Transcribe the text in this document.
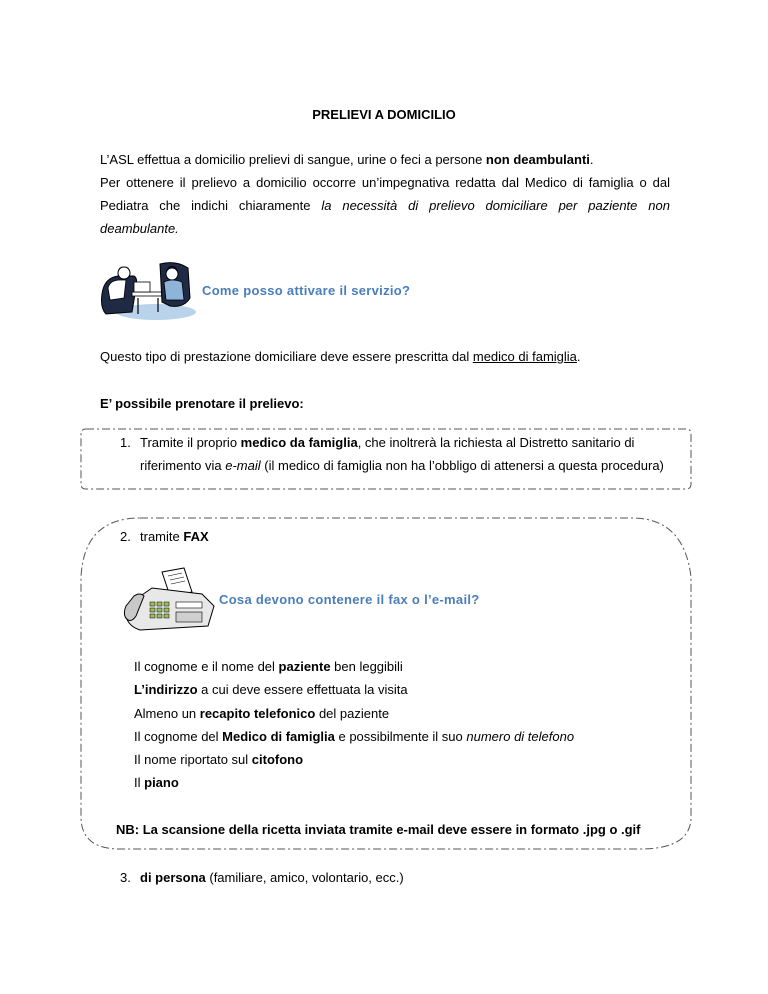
PRELIEVI A DOMICILIO
L’ASL effettua a domicilio prelievi di sangue, urine o feci a persone non deambulanti.
Per ottenere il prelievo a domicilio occorre un’impegnativa redatta dal Medico di famiglia o dal
Pediatra che indichi chiaramente la necessità di prelievo domiciliare per paziente non
deambulante.
Come posso attivare il servizio?
Questo tipo di prestazione domiciliare deve essere prescritta dal medico di famiglia.
E’ possibile prenotare il prelievo:
1. Tramite il proprio medico da famiglia, che inoltrerà la richiesta al Distretto sanitario di
riferimento via e-mail (il medico di famiglia non ha l’obbligo di attenersi a questa procedura)
2. tramite FAX
Cosa devono contenere il fax o l’e-mail?
Il cognome e il nome del paziente ben leggibili
L’indirizzo a cui deve essere effettuata la visita
Almeno un recapito telefonico del paziente
Il cognome del Medico di famiglia e possibilmente il suo numero di telefono
Il nome riportato sul citofono
Il piano
NB: La scansione della ricetta inviata tramite e-mail deve essere in formato .jpg o .gif
3. di persona (familiare, amico, volontario, ecc.)
